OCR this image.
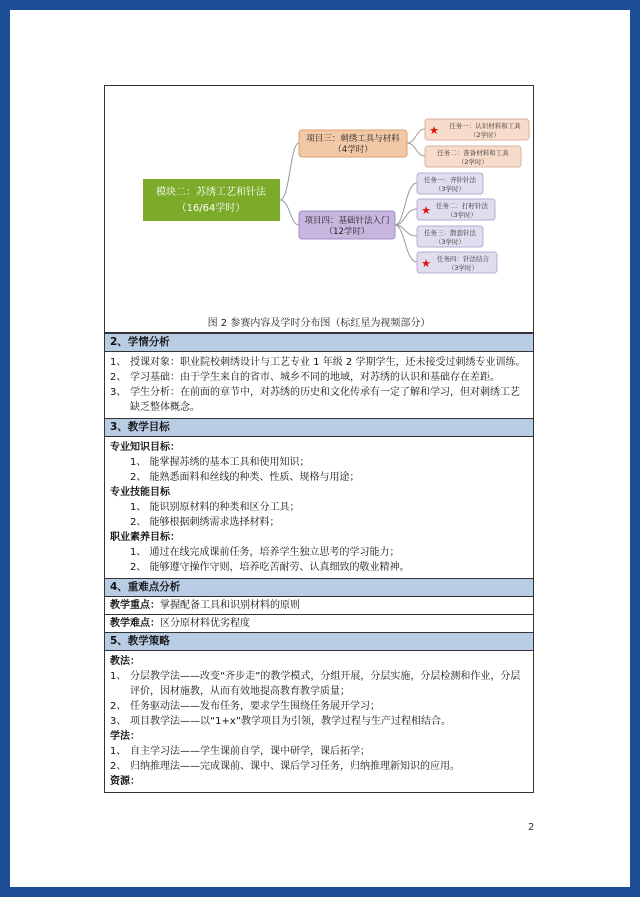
模块二：苏绣工艺和针法
（16/64学时）
项目三：刺绣工具与材料
（4学时）
项目四：基础针法入门
（12学时）
任务一：认识材料和工具
（2学时）
★
任务二：准备材料和工具
（2学时）
任务一：齐针针法
（3学时）
★ 任务二：打籽针法
（3学时）
任务三：散套针法
（3学时）
★ 任务四：针法结合
（3学时）
图 2 参赛内容及学时分布图（标红星为视频部分）
2、学情分析
1、 授课对象：职业院校刺绣设计与工艺专业 1 年级 2 学期学生，还未接受过刺绣专业训练。
2、 学习基础：由于学生来自的省市、城乡不同的地域，对苏绣的认识和基础存在差距。
3、 学生分析：在前面的章节中，对苏绣的历史和文化传承有一定了解和学习，但对刺绣工艺缺乏整体概念。
3、教学目标
专业知识目标：
1、 能掌握苏绣的基本工具和使用知识；
2、 能熟悉面料和丝线的种类、性质、规格与用途；
专业技能目标
1、 能识别原材料的种类和区分工具；
2、 能够根据刺绣需求选择材料；
职业素养目标：
1、 通过在线完成课前任务，培养学生独立思考的学习能力；
2、 能够遵守操作守则，培养吃苦耐劳、认真细致的敬业精神。
4、重难点分析
教学重点：掌握配备工具和识别材料的原则
教学难点：区分原材料优劣程度
5、教学策略
教法：
1、 分层教学法——改变“齐步走”的教学模式，分组开展，分层实施，分层检测和作业，分层评价，因材施教，从而有效地提高教育教学质量；
2、 任务驱动法——发布任务，要求学生围绕任务展开学习；
3、 项目教学法——以“1+x”教学项目为引领，教学过程与生产过程相结合。
学法：
1、 自主学习法——学生课前自学，课中研学，课后拓学；
2、 归纳推理法——完成课前、课中、课后学习任务，归纳推理新知识的应用。
资源：
2
